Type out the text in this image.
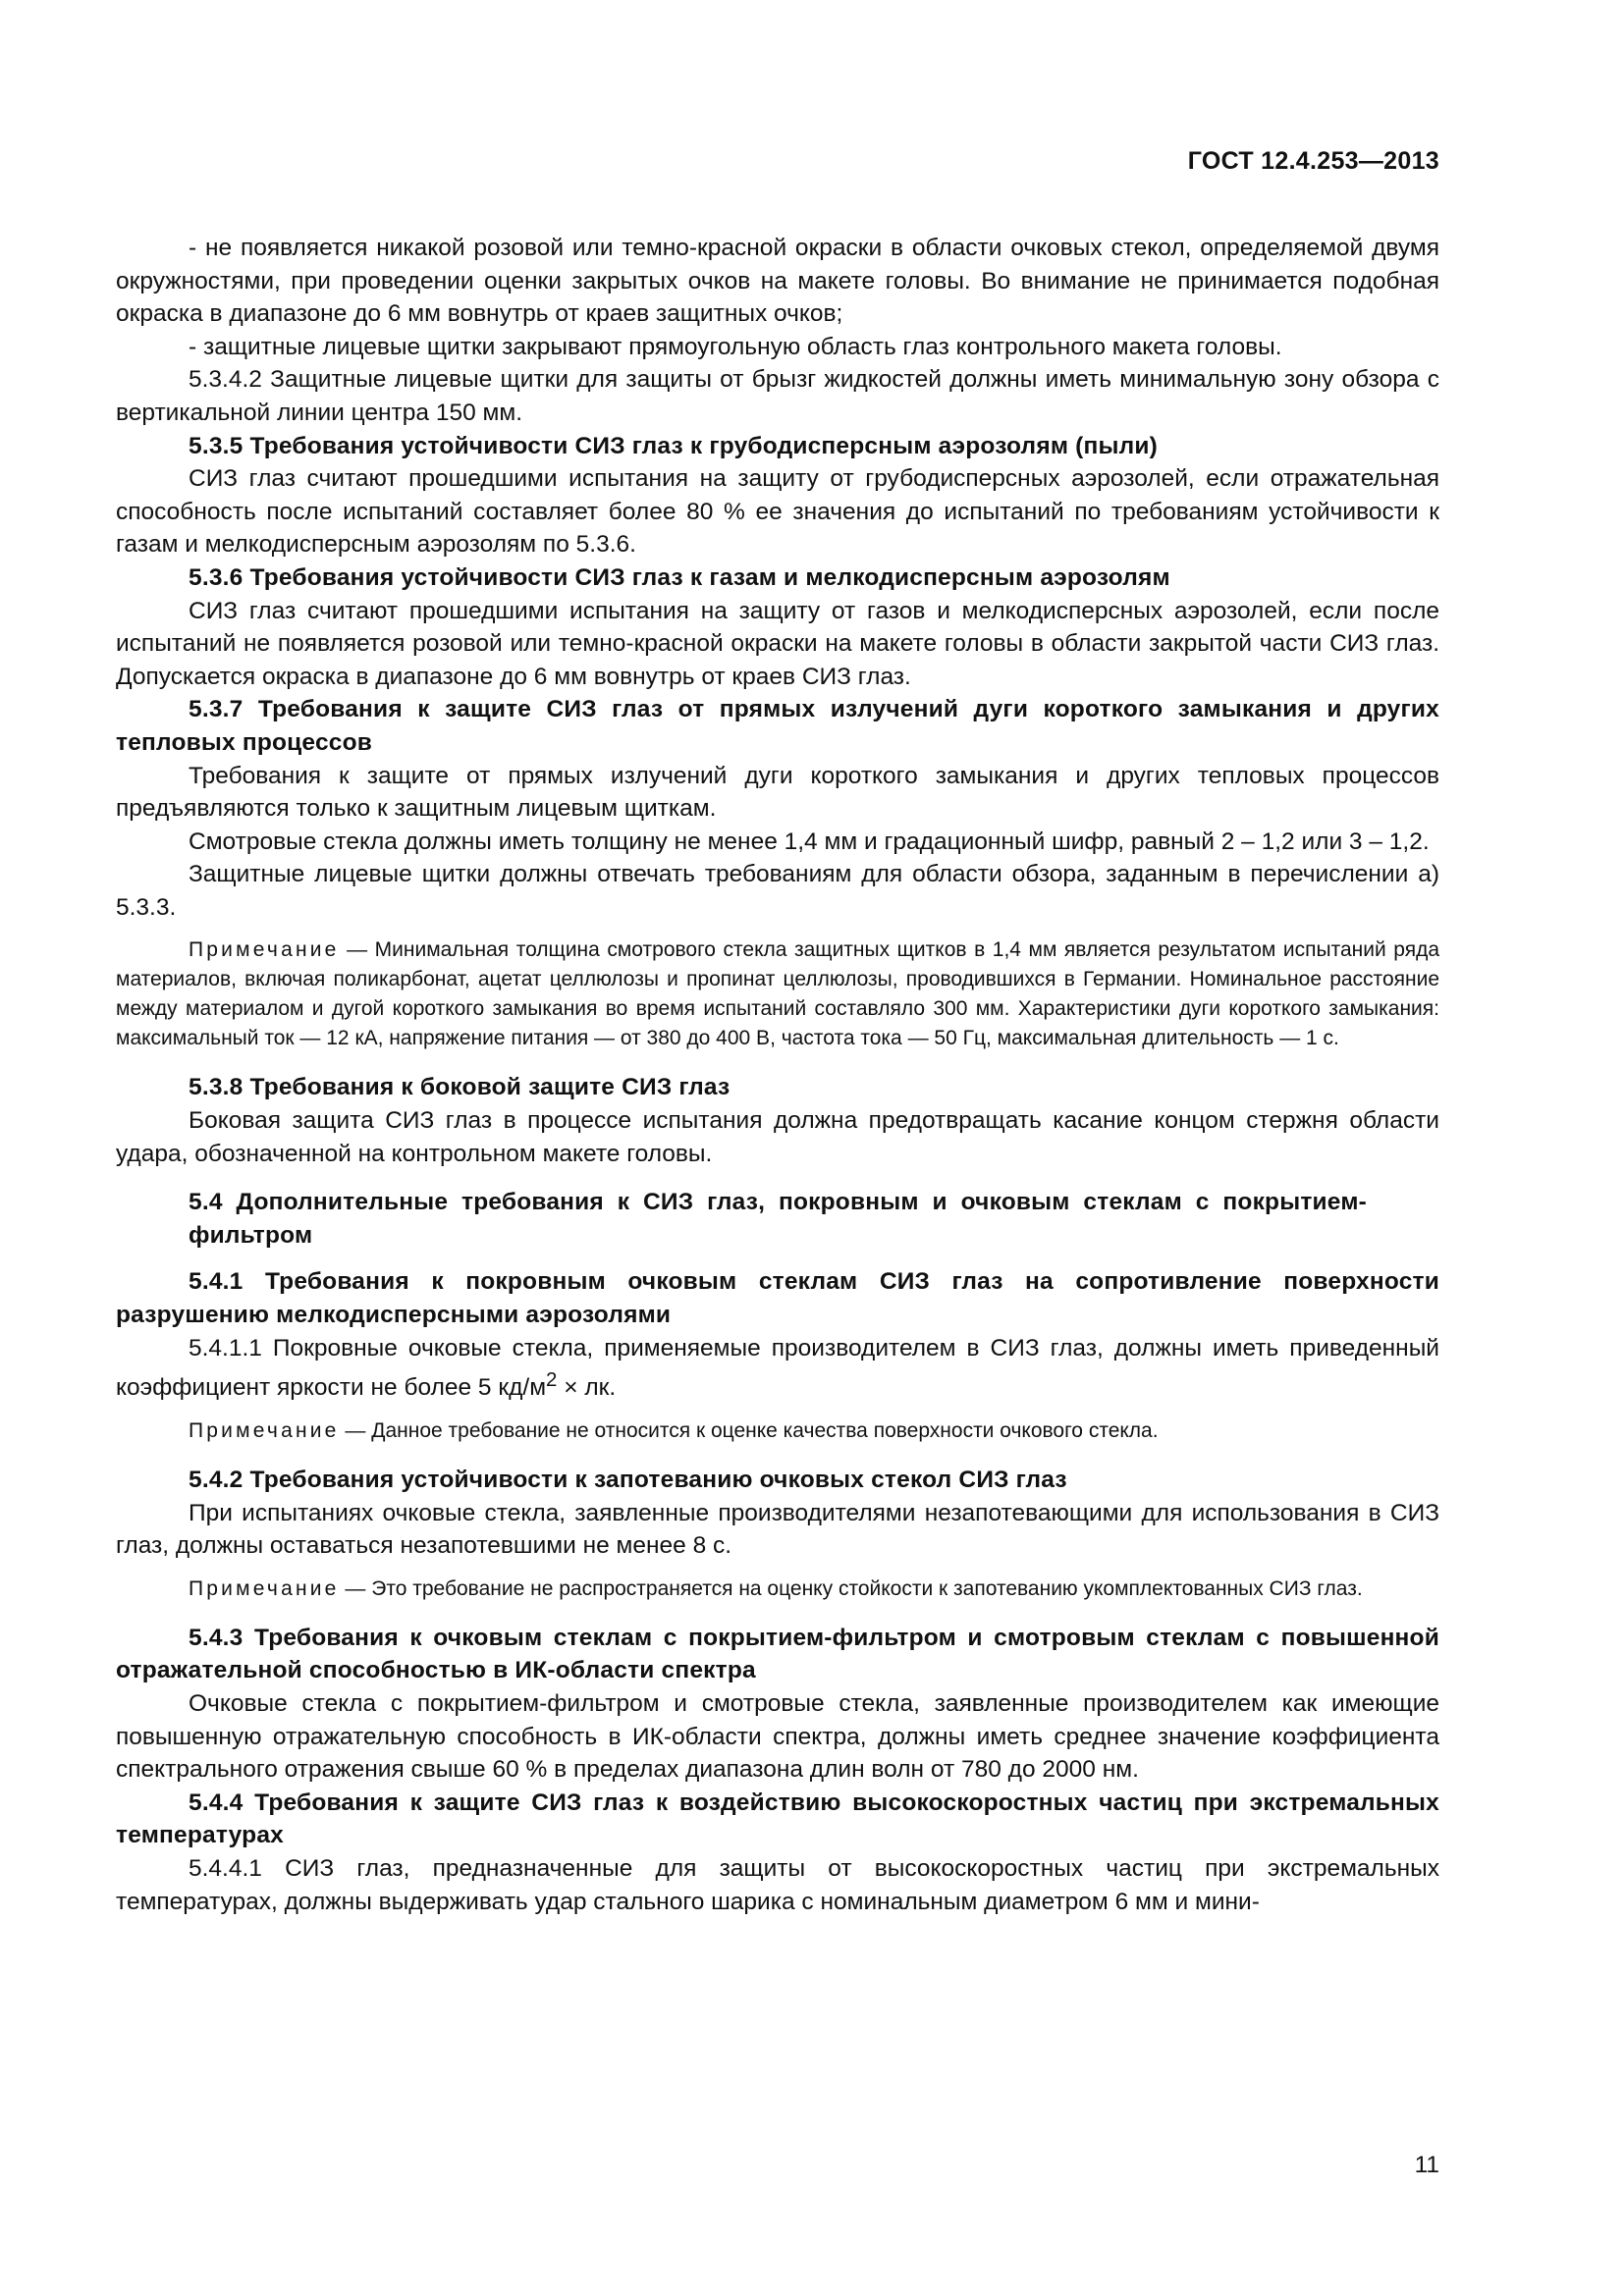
ГОСТ 12.4.253—2013

- не появляется никакой розовой или темно-красной окраски в области очковых стекол, определяемой двумя окружностями, при проведении оценки закрытых очков на макете головы. Во внимание не принимается подобная окраска в диапазоне до 6 мм вовнутрь от краев защитных очков;

- защитные лицевые щитки закрывают прямоугольную область глаз контрольного макета головы.

5.3.4.2 Защитные лицевые щитки для защиты от брызг жидкостей должны иметь минимальную зону обзора с вертикальной линии центра 150 мм.

5.3.5 Требования устойчивости СИЗ глаз к грубодисперсным аэрозолям (пыли)

СИЗ глаз считают прошедшими испытания на защиту от грубодисперсных аэрозолей, если отражательная способность после испытаний составляет более 80 % ее значения до испытаний по требованиям устойчивости к газам и мелкодисперсным аэрозолям по 5.3.6.

5.3.6 Требования устойчивости СИЗ глаз к газам и мелкодисперсным аэрозолям

СИЗ глаз считают прошедшими испытания на защиту от газов и мелкодисперсных аэрозолей, если после испытаний не появляется розовой или темно-красной окраски на макете головы в области закрытой части СИЗ глаз. Допускается окраска в диапазоне до 6 мм вовнутрь от краев СИЗ глаз.

5.3.7 Требования к защите СИЗ глаз от прямых излучений дуги короткого замыкания и других тепловых процессов

Требования к защите от прямых излучений дуги короткого замыкания и других тепловых процессов предъявляются только к защитным лицевым щиткам.

Смотровые стекла должны иметь толщину не менее 1,4 мм и градационный шифр, равный 2 – 1,2 или 3 – 1,2.

Защитные лицевые щитки должны отвечать требованиям для области обзора, заданным в перечислении а) 5.3.3.

Примечание — Минимальная толщина смотрового стекла защитных щитков в 1,4 мм является результатом испытаний ряда материалов, включая поликарбонат, ацетат целлюлозы и пропинат целлюлозы, проводившихся в Германии. Номинальное расстояние между материалом и дугой короткого замыкания во время испытаний составляло 300 мм. Характеристики дуги короткого замыкания: максимальный ток — 12 кА, напряжение питания — от 380 до 400 В, частота тока — 50 Гц, максимальная длительность — 1 с.

5.3.8 Требования к боковой защите СИЗ глаз

Боковая защита СИЗ глаз в процессе испытания должна предотвращать касание концом стержня области удара, обозначенной на контрольном макете головы.

5.4 Дополнительные требования к СИЗ глаз, покровным и очковым стеклам с покрытием-фильтром

5.4.1 Требования к покровным очковым стеклам СИЗ глаз на сопротивление поверхности разрушению мелкодисперсными аэрозолями

5.4.1.1 Покровные очковые стекла, применяемые производителем в СИЗ глаз, должны иметь приведенный коэффициент яркости не более 5 $кд/м^2$ × лк.

Примечание — Данное требование не относится к оценке качества поверхности очкового стекла.

5.4.2 Требования устойчивости к запотеванию очковых стекол СИЗ глаз

При испытаниях очковые стекла, заявленные производителями незапотевающими для использования в СИЗ глаз, должны оставаться незапотевшими не менее 8 с.

Примечание — Это требование не распространяется на оценку стойкости к запотеванию укомплектованных СИЗ глаз.

5.4.3 Требования к очковым стеклам с покрытием-фильтром и смотровым стеклам с повышенной отражательной способностью в ИК-области спектра

Очковые стекла с покрытием-фильтром и смотровые стекла, заявленные производителем как имеющие повышенную отражательную способность в ИК-области спектра, должны иметь среднее значение коэффициента спектрального отражения свыше 60 % в пределах диапазона длин волн от 780 до 2000 нм.

5.4.4 Требования к защите СИЗ глаз к воздействию высокоскоростных частиц при экстремальных температурах

5.4.4.1 СИЗ глаз, предназначенные для защиты от высокоскоростных частиц при экстремальных температурах, должны выдерживать удар стального шарика с номинальным диаметром 6 мм и мини-

11
